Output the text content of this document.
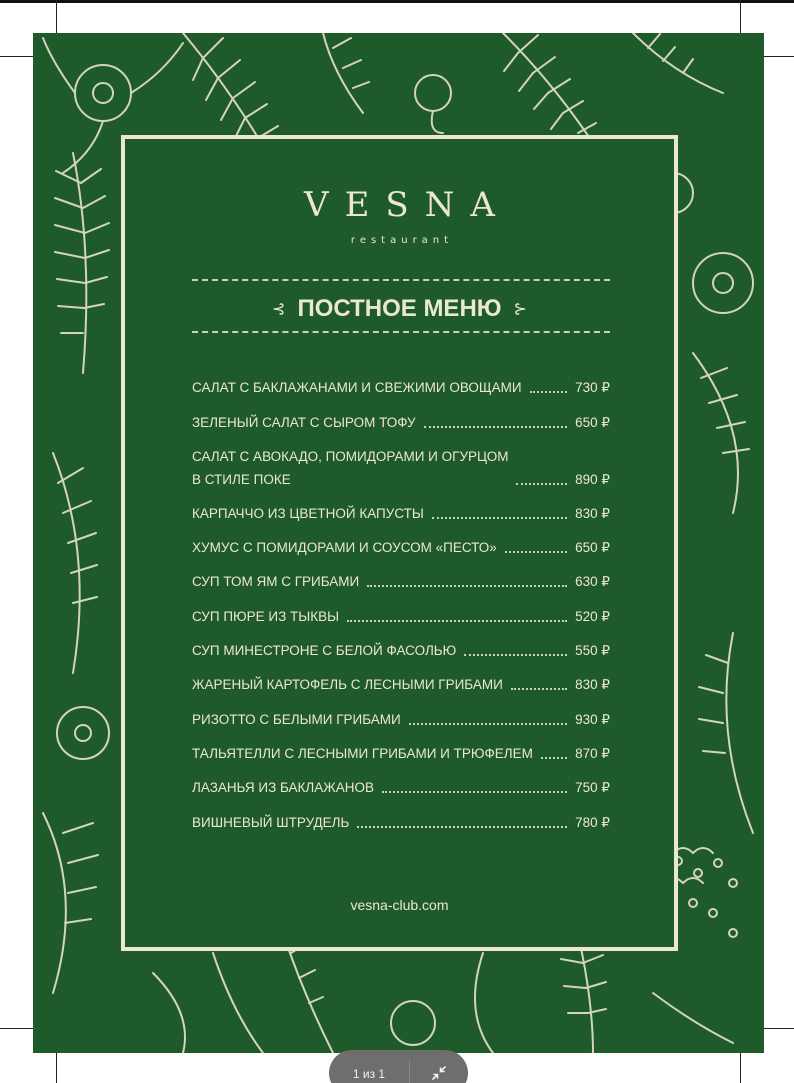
VESNA
restaurant
⊰ ПОСТНОЕ МЕНЮ ⊱
САЛАТ С БАКЛАЖАНАМИ И СВЕЖИМИ ОВОЩАМИ	730 ₽
ЗЕЛЕНЫЙ САЛАТ С СЫРОМ ТОФУ	650 ₽
САЛАТ С АВОКАДО, ПОМИДОРАМИ И ОГУРЦОМ
В СТИЛЕ ПОКЕ	890 ₽
КАРПАЧЧО ИЗ ЦВЕТНОЙ КАПУСТЫ	830 ₽
ХУМУС С ПОМИДОРАМИ И СОУСОМ «ПЕСТО»	650 ₽
СУП ТОМ ЯМ С ГРИБАМИ	630 ₽
СУП ПЮРЕ ИЗ ТЫКВЫ	520 ₽
СУП МИНЕСТРОНЕ С БЕЛОЙ ФАСОЛЬЮ	550 ₽
ЖАРЕНЫЙ КАРТОФЕЛЬ С ЛЕСНЫМИ ГРИБАМИ	830 ₽
РИЗОТТО С БЕЛЫМИ ГРИБАМИ	930 ₽
ТАЛЬЯТЕЛЛИ С ЛЕСНЫМИ ГРИБАМИ И ТРЮФЕЛЕМ	870 ₽
ЛАЗАНЬЯ ИЗ БАКЛАЖАНОВ	750 ₽
ВИШНЕВЫЙ ШТРУДЕЛЬ	780 ₽
vesna-club.com
1 из 1
